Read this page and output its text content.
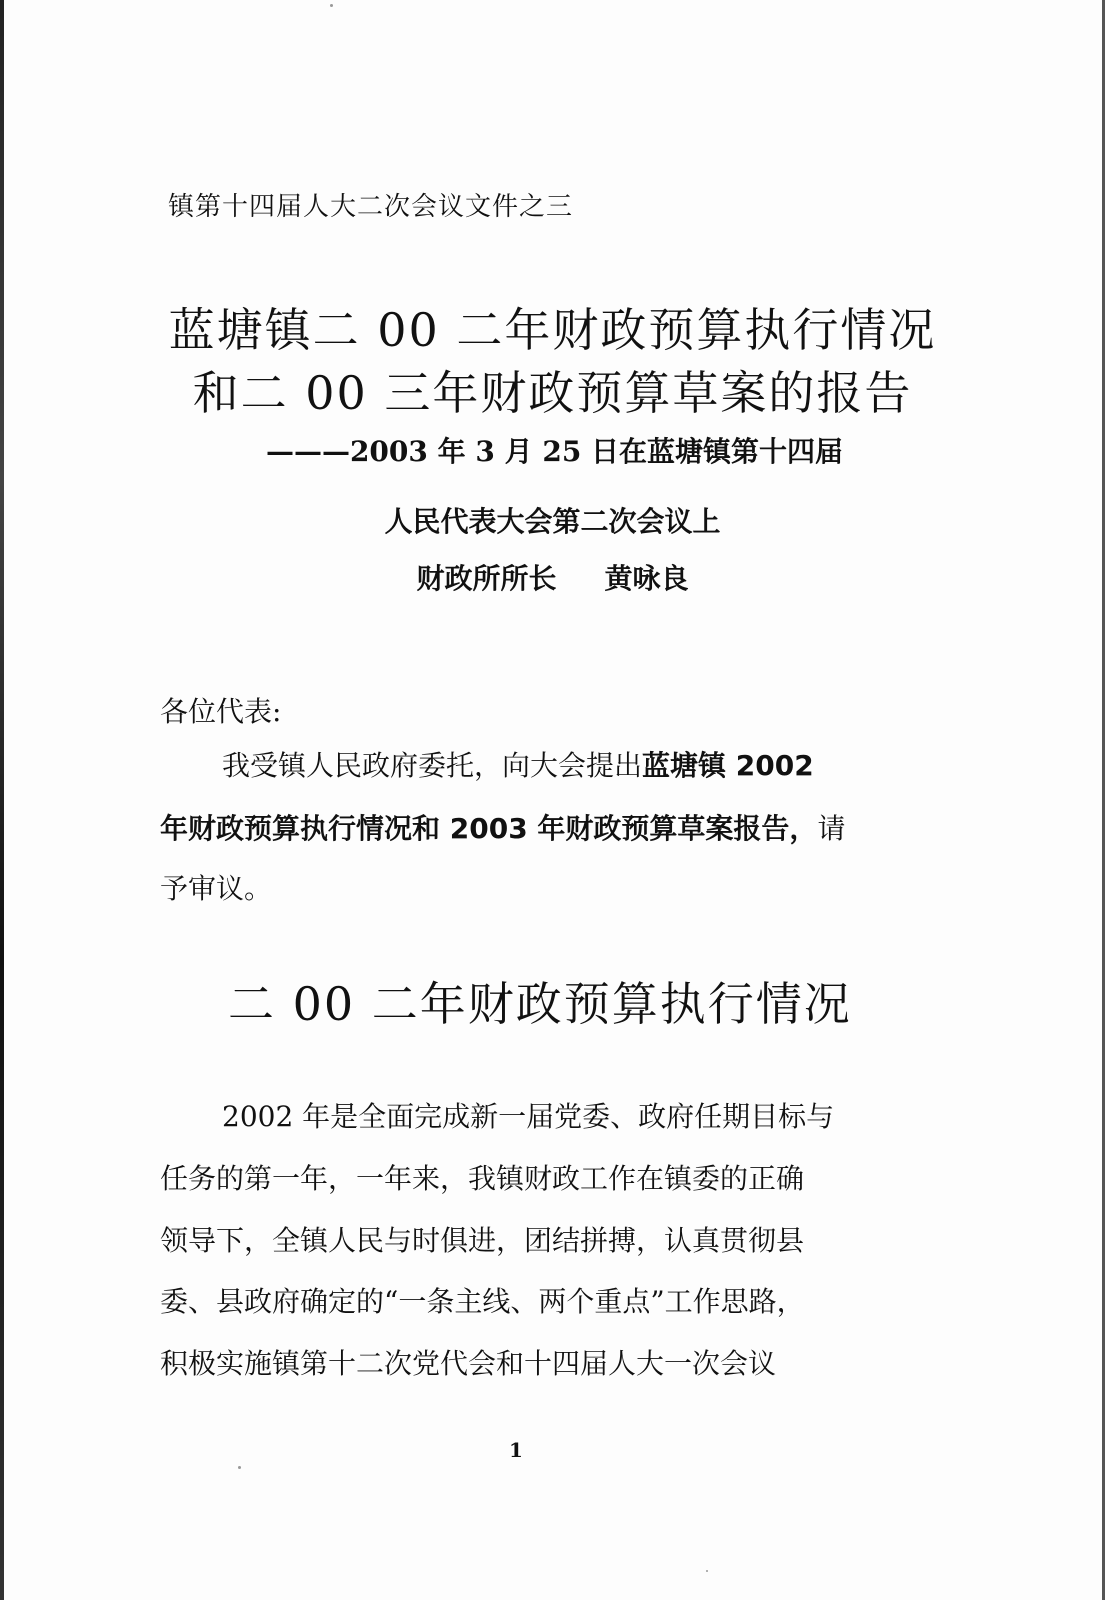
镇第十四届人大二次会议文件之三
蓝塘镇二 00 二年财政预算执行情况
和二 00 三年财政预算草案的报告
———2003 年 3 月 25 日在蓝塘镇第十四届
人民代表大会第二次会议上
财政所所长 黄咏良
各位代表:
我受镇人民政府委托，向大会提出蓝塘镇 2002
年财政预算执行情况和 2003 年财政预算草案报告，请
予审议。
二 00 二年财政预算执行情况
2002 年是全面完成新一届党委、政府任期目标与
任务的第一年，一年来，我镇财政工作在镇委的正确
领导下，全镇人民与时俱进，团结拼搏，认真贯彻县
委、县政府确定的“一条主线、两个重点”工作思路，
积极实施镇第十二次党代会和十四届人大一次会议
1
